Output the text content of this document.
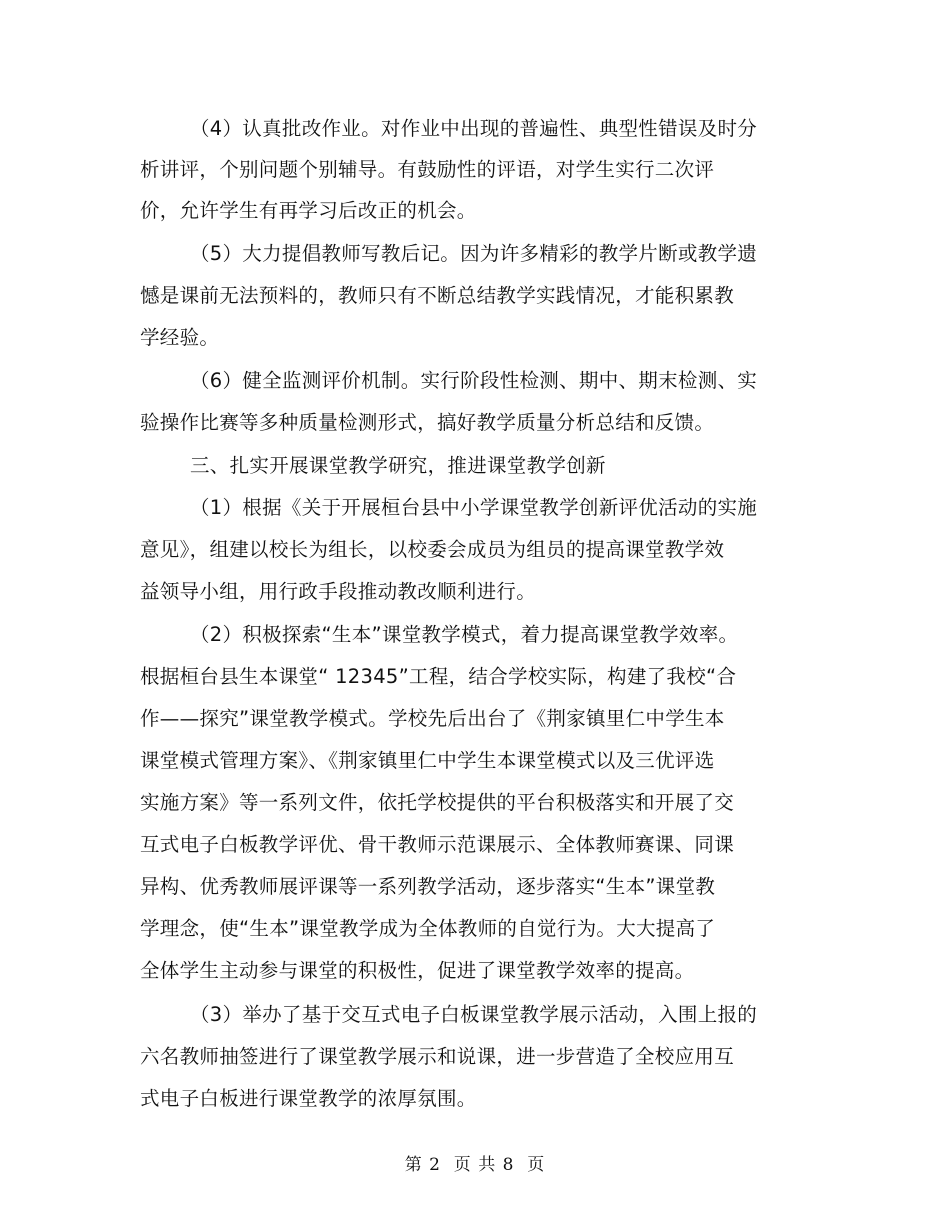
（4）认真批改作业。对作业中出现的普遍性、典型性错误及时分
析讲评，个别问题个别辅导。有鼓励性的评语，对学生实行二次评
价，允许学生有再学习后改正的机会。
（5）大力提倡教师写教后记。因为许多精彩的教学片断或教学遗
憾是课前无法预料的，教师只有不断总结教学实践情况，才能积累教
学经验。
（6）健全监测评价机制。实行阶段性检测、期中、期末检测、实
验操作比赛等多种质量检测形式，搞好教学质量分析总结和反馈。
三、扎实开展课堂教学研究，推进课堂教学创新
（1）根据《关于开展桓台县中小学课堂教学创新评优活动的实施
意见》，组建以校长为组长，以校委会成员为组员的提高课堂教学效
益领导小组，用行政手段推动教改顺利进行。
（2）积极探索“生本”课堂教学模式，着力提高课堂教学效率。
根据桓台县生本课堂“ 12345”工程，结合学校实际，构建了我校“合
作——探究”课堂教学模式。学校先后出台了《荆家镇里仁中学生本
课堂模式管理方案》、《荆家镇里仁中学生本课堂模式以及三优评选
实施方案》等一系列文件，依托学校提供的平台积极落实和开展了交
互式电子白板教学评优、骨干教师示范课展示、全体教师赛课、同课
异构、优秀教师展评课等一系列教学活动，逐步落实“生本”课堂教
学理念，使“生本”课堂教学成为全体教师的自觉行为。大大提高了
全体学生主动参与课堂的积极性，促进了课堂教学效率的提高。
（3）举办了基于交互式电子白板课堂教学展示活动，入围上报的
六名教师抽签进行了课堂教学展示和说课，进一步营造了全校应用互
式电子白板进行课堂教学的浓厚氛围。
第 2  页 共 8  页
